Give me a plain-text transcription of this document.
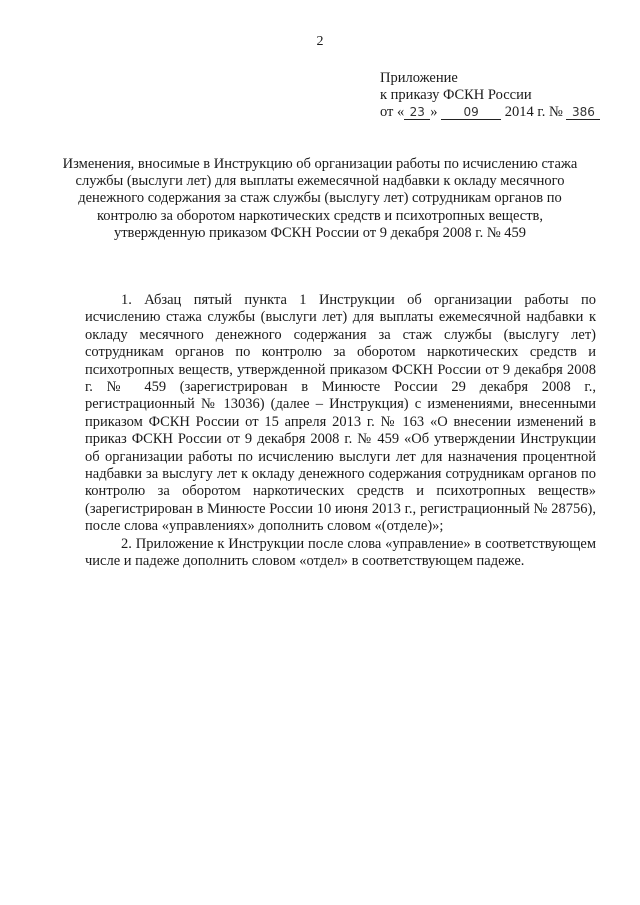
2
Приложение
к приказу ФСКН России
от « 23 » 09 2014 г. № 386
Изменения, вносимые в Инструкцию об организации работы по исчислению стажа службы (выслуги лет) для выплаты ежемесячной надбавки к окладу месячного денежного содержания за стаж службы (выслугу лет) сотрудникам органов по контролю за оборотом наркотических средств и психотропных веществ, утвержденную приказом ФСКН России от 9 декабря 2008 г. № 459

1. Абзац пятый пункта 1 Инструкции об организации работы по исчислению стажа службы (выслуги лет) для выплаты ежемесячной надбавки к окладу месячного денежного содержания за стаж службы (выслугу лет) сотрудникам органов по контролю за оборотом наркотических средств и психотропных веществ, утвержденной приказом ФСКН России от 9 декабря 2008 г. № 459 (зарегистрирован в Минюсте России 29 декабря 2008 г., регистрационный № 13036) (далее – Инструкция) с изменениями, внесенными приказом ФСКН России от 15 апреля 2013 г. № 163 «О внесении изменений в приказ ФСКН России от 9 декабря 2008 г. № 459 «Об утверждении Инструкции об организации работы по исчислению выслуги лет для назначения процентной надбавки за выслугу лет к окладу денежного содержания сотрудникам органов по контролю за оборотом наркотических средств и психотропных веществ» (зарегистрирован в Минюсте России 10 июня 2013 г., регистрационный № 28756), после слова «управлениях» дополнить словом «(отделе)»;

2. Приложение к Инструкции после слова «управление» в соответствующем числе и падеже дополнить словом «отдел» в соответствующем падеже.
